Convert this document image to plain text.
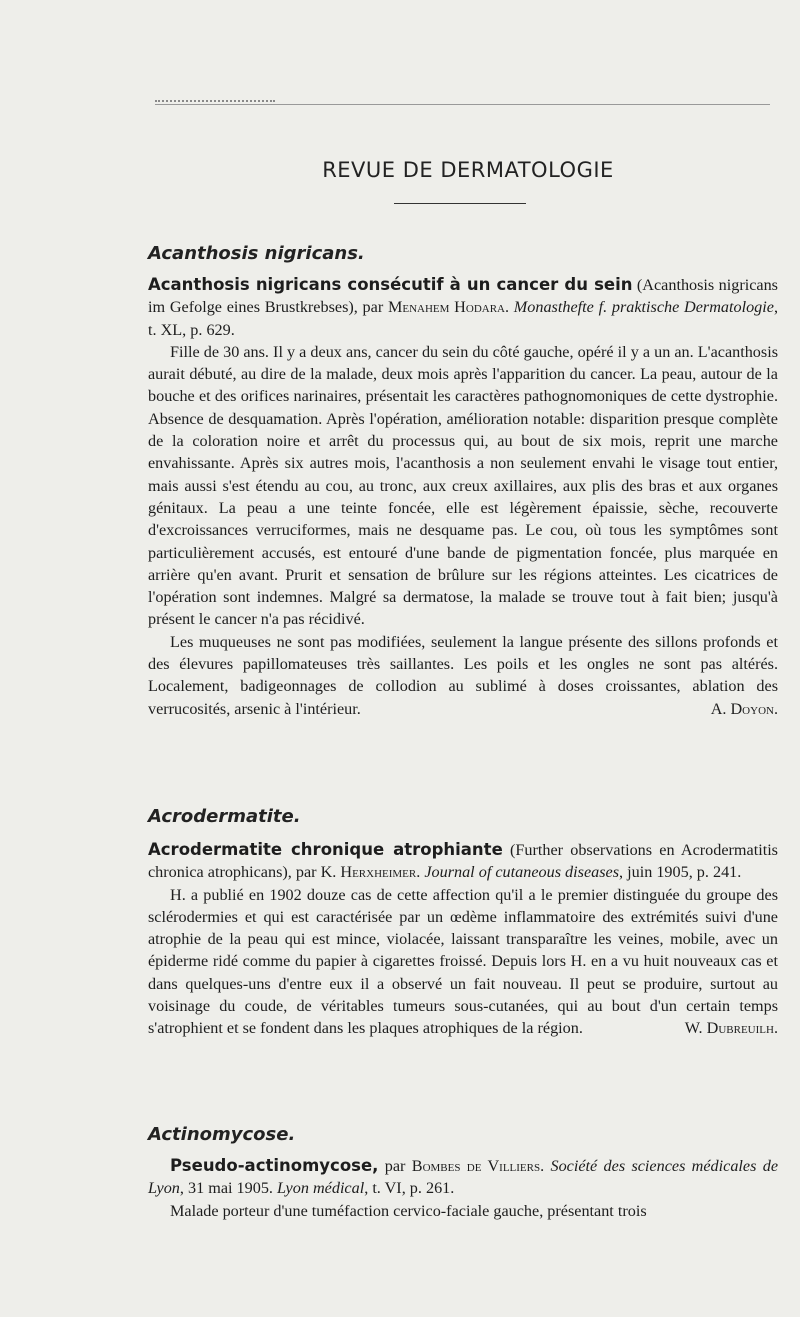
REVUE DE DERMATOLOGIE
Acanthosis nigricans.

Acanthosis nigricans consécutif à un cancer du sein (Acanthosis nigricans im Gefolge eines Brustkrebses), par Menahem Hodara. Monasthefte f. praktische Dermatologie, t. XL, p. 629.

Fille de 30 ans. Il y a deux ans, cancer du sein du côté gauche, opéré il y a un an. L'acanthosis aurait débuté, au dire de la malade, deux mois après l'apparition du cancer. La peau, autour de la bouche et des orifices narinaires, présentait les caractères pathognomoniques de cette dystrophie. Absence de desquamation. Après l'opération, amélioration notable: disparition presque complète de la coloration noire et arrêt du processus qui, au bout de six mois, reprit une marche envahissante. Après six autres mois, l'acanthosis a non seulement envahi le visage tout entier, mais aussi s'est étendu au cou, au tronc, aux creux axillaires, aux plis des bras et aux organes génitaux. La peau a une teinte foncée, elle est légèrement épaissie, sèche, recouverte d'excroissances verruciformes, mais ne desquame pas. Le cou, où tous les symptômes sont particulièrement accusés, est entouré d'une bande de pigmentation foncée, plus marquée en arrière qu'en avant. Prurit et sensation de brûlure sur les régions atteintes. Les cicatrices de l'opération sont indemnes. Malgré sa dermatose, la malade se trouve tout à fait bien; jusqu'à présent le cancer n'a pas récidivé.

Les muqueuses ne sont pas modifiées, seulement la langue présente des sillons profonds et des élevures papillomateuses très saillantes. Les poils et les ongles ne sont pas altérés. Localement, badigeonnages de collodion au sublimé à doses croissantes, ablation des verrucosités, arsenic à l'intérieur.	A. Doyon.

Acrodermatite.

Acrodermatite chronique atrophiante (Further observations en Acrodermatitis chronica atrophicans), par K. Herxheimer. Journal of cutaneous diseases, juin 1905, p. 241.

H. a publié en 1902 douze cas de cette affection qu'il a le premier distinguée du groupe des sclérodermies et qui est caractérisée par un œdème inflammatoire des extrémités suivi d'une atrophie de la peau qui est mince, violacée, laissant transparaître les veines, mobile, avec un épiderme ridé comme du papier à cigarettes froissé. Depuis lors H. en a vu huit nouveaux cas et dans quelques-uns d'entre eux il a observé un fait nouveau. Il peut se produire, surtout au voisinage du coude, de véritables tumeurs sous-cutanées, qui au bout d'un certain temps s'atrophient et se fondent dans les plaques atrophiques de la région.	W. Dubreuilh.

Actinomycose.

Pseudo-actinomycose, par Bombes de Villiers. Société des sciences médicales de Lyon, 31 mai 1905. Lyon médical, t. VI, p. 261.

Malade porteur d'une tuméfaction cervico-faciale gauche, présentant trois
